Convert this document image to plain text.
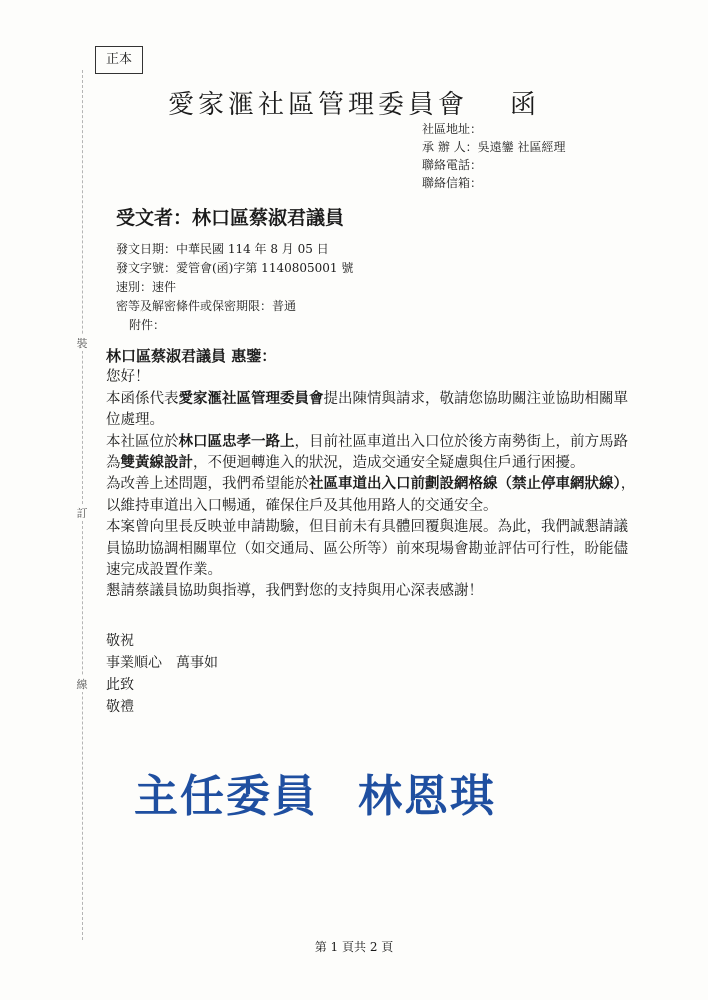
正本
裝
訂
線
愛家滙社區管理委員會 函
社區地址：
承 辦 人：吳遠鑾 社區經理
聯絡電話：
聯絡信箱：
受文者：林口區蔡淑君議員
發文日期：中華民國 114 年 8 月 05 日
發文字號：愛管會(函)字第 1140805001 號
速別：速件
密等及解密條件或保密期限：普通
附件：
林口區蔡淑君議員 惠鑒：
您好！
本函係代表愛家滙社區管理委員會提出陳情與請求，敬請您協助關注並協助相關單位處理。
本社區位於林口區忠孝一路上，目前社區車道出入口位於後方南勢街上，前方馬路為雙黃線設計，不便迴轉進入的狀況，造成交通安全疑慮與住戶通行困擾。
為改善上述問題，我們希望能於社區車道出入口前劃設網格線（禁止停車網狀線），以維持車道出入口暢通，確保住戶及其他用路人的交通安全。
本案曾向里長反映並申請勘驗，但目前未有具體回覆與進展。為此，我們誠懇請議員協助協調相關單位（如交通局、區公所等）前來現場會勘並評估可行性，盼能儘速完成設置作業。
懇請蔡議員協助與指導，我們對您的支持與用心深表感謝！
敬祝
事業順心　萬事如
此致
敬禮
主任委員 林恩琪
第 1 頁共 2 頁
